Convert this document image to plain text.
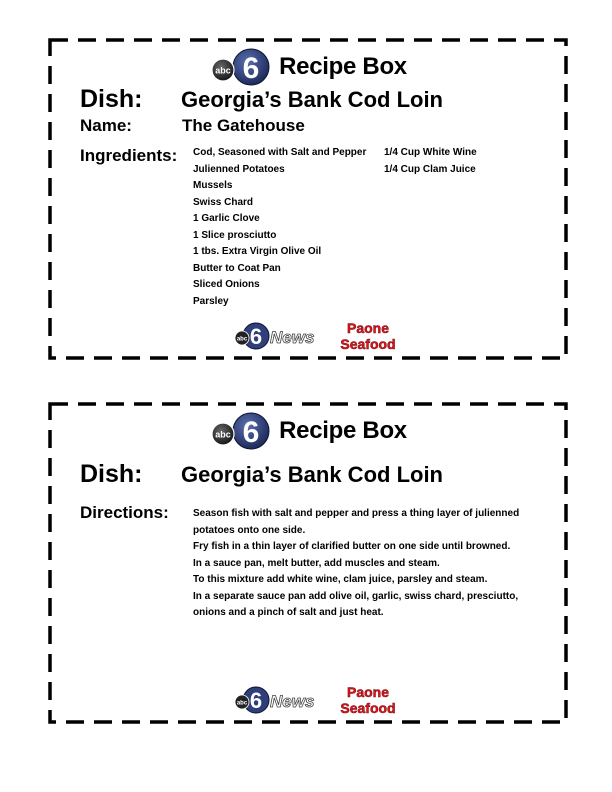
6
abc Recipe Box
Dish: Georgia’s Bank Cod Loin
Name:	The Gatehouse
Ingredients: Cod, Seasoned with Salt and Pepper
Julienned Potatoes
Mussels
Swiss Chard
1 Garlic Clove
1 Slice prosciutto
1 tbs. Extra Virgin Olive Oil
Butter to Coat Pan
Sliced Onions
Parsley
1/4 Cup White Wine
1/4 Cup Clam Juice
6
abc News Paone
Seafood
6
abc Recipe Box
Dish: Georgia’s Bank Cod Loin
Directions: Season fish with salt and pepper and press a thing layer of julienned potatoes onto one side.
Fry fish in a thin layer of clarified butter on one side until browned.
In a sauce pan, melt butter, add muscles and steam.
To this mixture add white wine, clam juice, parsley and steam.
In a separate sauce pan add olive oil, garlic, swiss chard, presciutto, onions and a pinch of salt and just heat.
6
abc News Paone
Seafood
